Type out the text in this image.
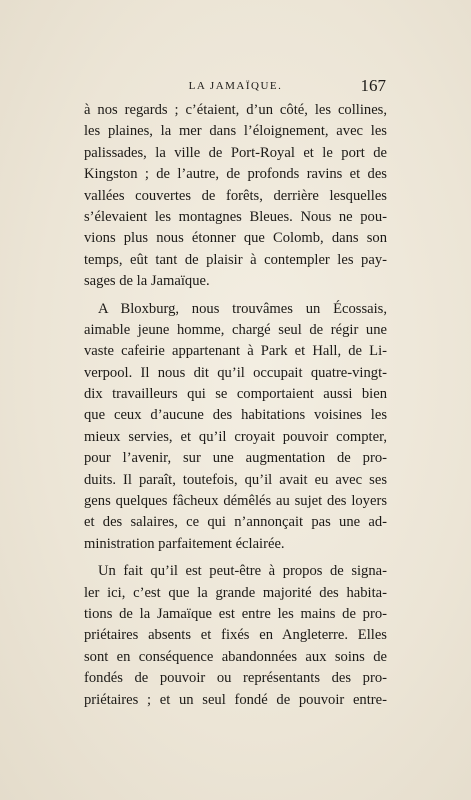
LA JAMAÏQUE.	167
à nos regards ; c’étaient, d’un côté, les collines,
les plaines, la mer dans l’éloignement, avec les
palissades, la ville de Port-Royal et le port de
Kingston ; de l’autre, de profonds ravins et des
vallées couvertes de forêts, derrière lesquelles
s’élevaient les montagnes Bleues. Nous ne pou-
vions plus nous étonner que Colomb, dans son
temps, eût tant de plaisir à contempler les pay-
sages de la Jamaïque.
A Bloxburg, nous trouvâmes un Écossais,
aimable jeune homme, chargé seul de régir une
vaste cafeirie appartenant à Park et Hall, de Li-
verpool. Il nous dit qu’il occupait quatre-vingt-
dix travailleurs qui se comportaient aussi bien
que ceux d’aucune des habitations voisines les
mieux servies, et qu’il croyait pouvoir compter,
pour l’avenir, sur une augmentation de pro-
duits. Il paraît, toutefois, qu’il avait eu avec ses
gens quelques fâcheux démêlés au sujet des loyers
et des salaires, ce qui n’annonçait pas une ad-
ministration parfaitement éclairée.
Un fait qu’il est peut-être à propos de signa-
ler ici, c’est que la grande majorité des habita-
tions de la Jamaïque est entre les mains de pro-
priétaires absents et fixés en Angleterre. Elles
sont en conséquence abandonnées aux soins de
fondés de pouvoir ou représentants des pro-
priétaires ; et un seul fondé de pouvoir entre-
